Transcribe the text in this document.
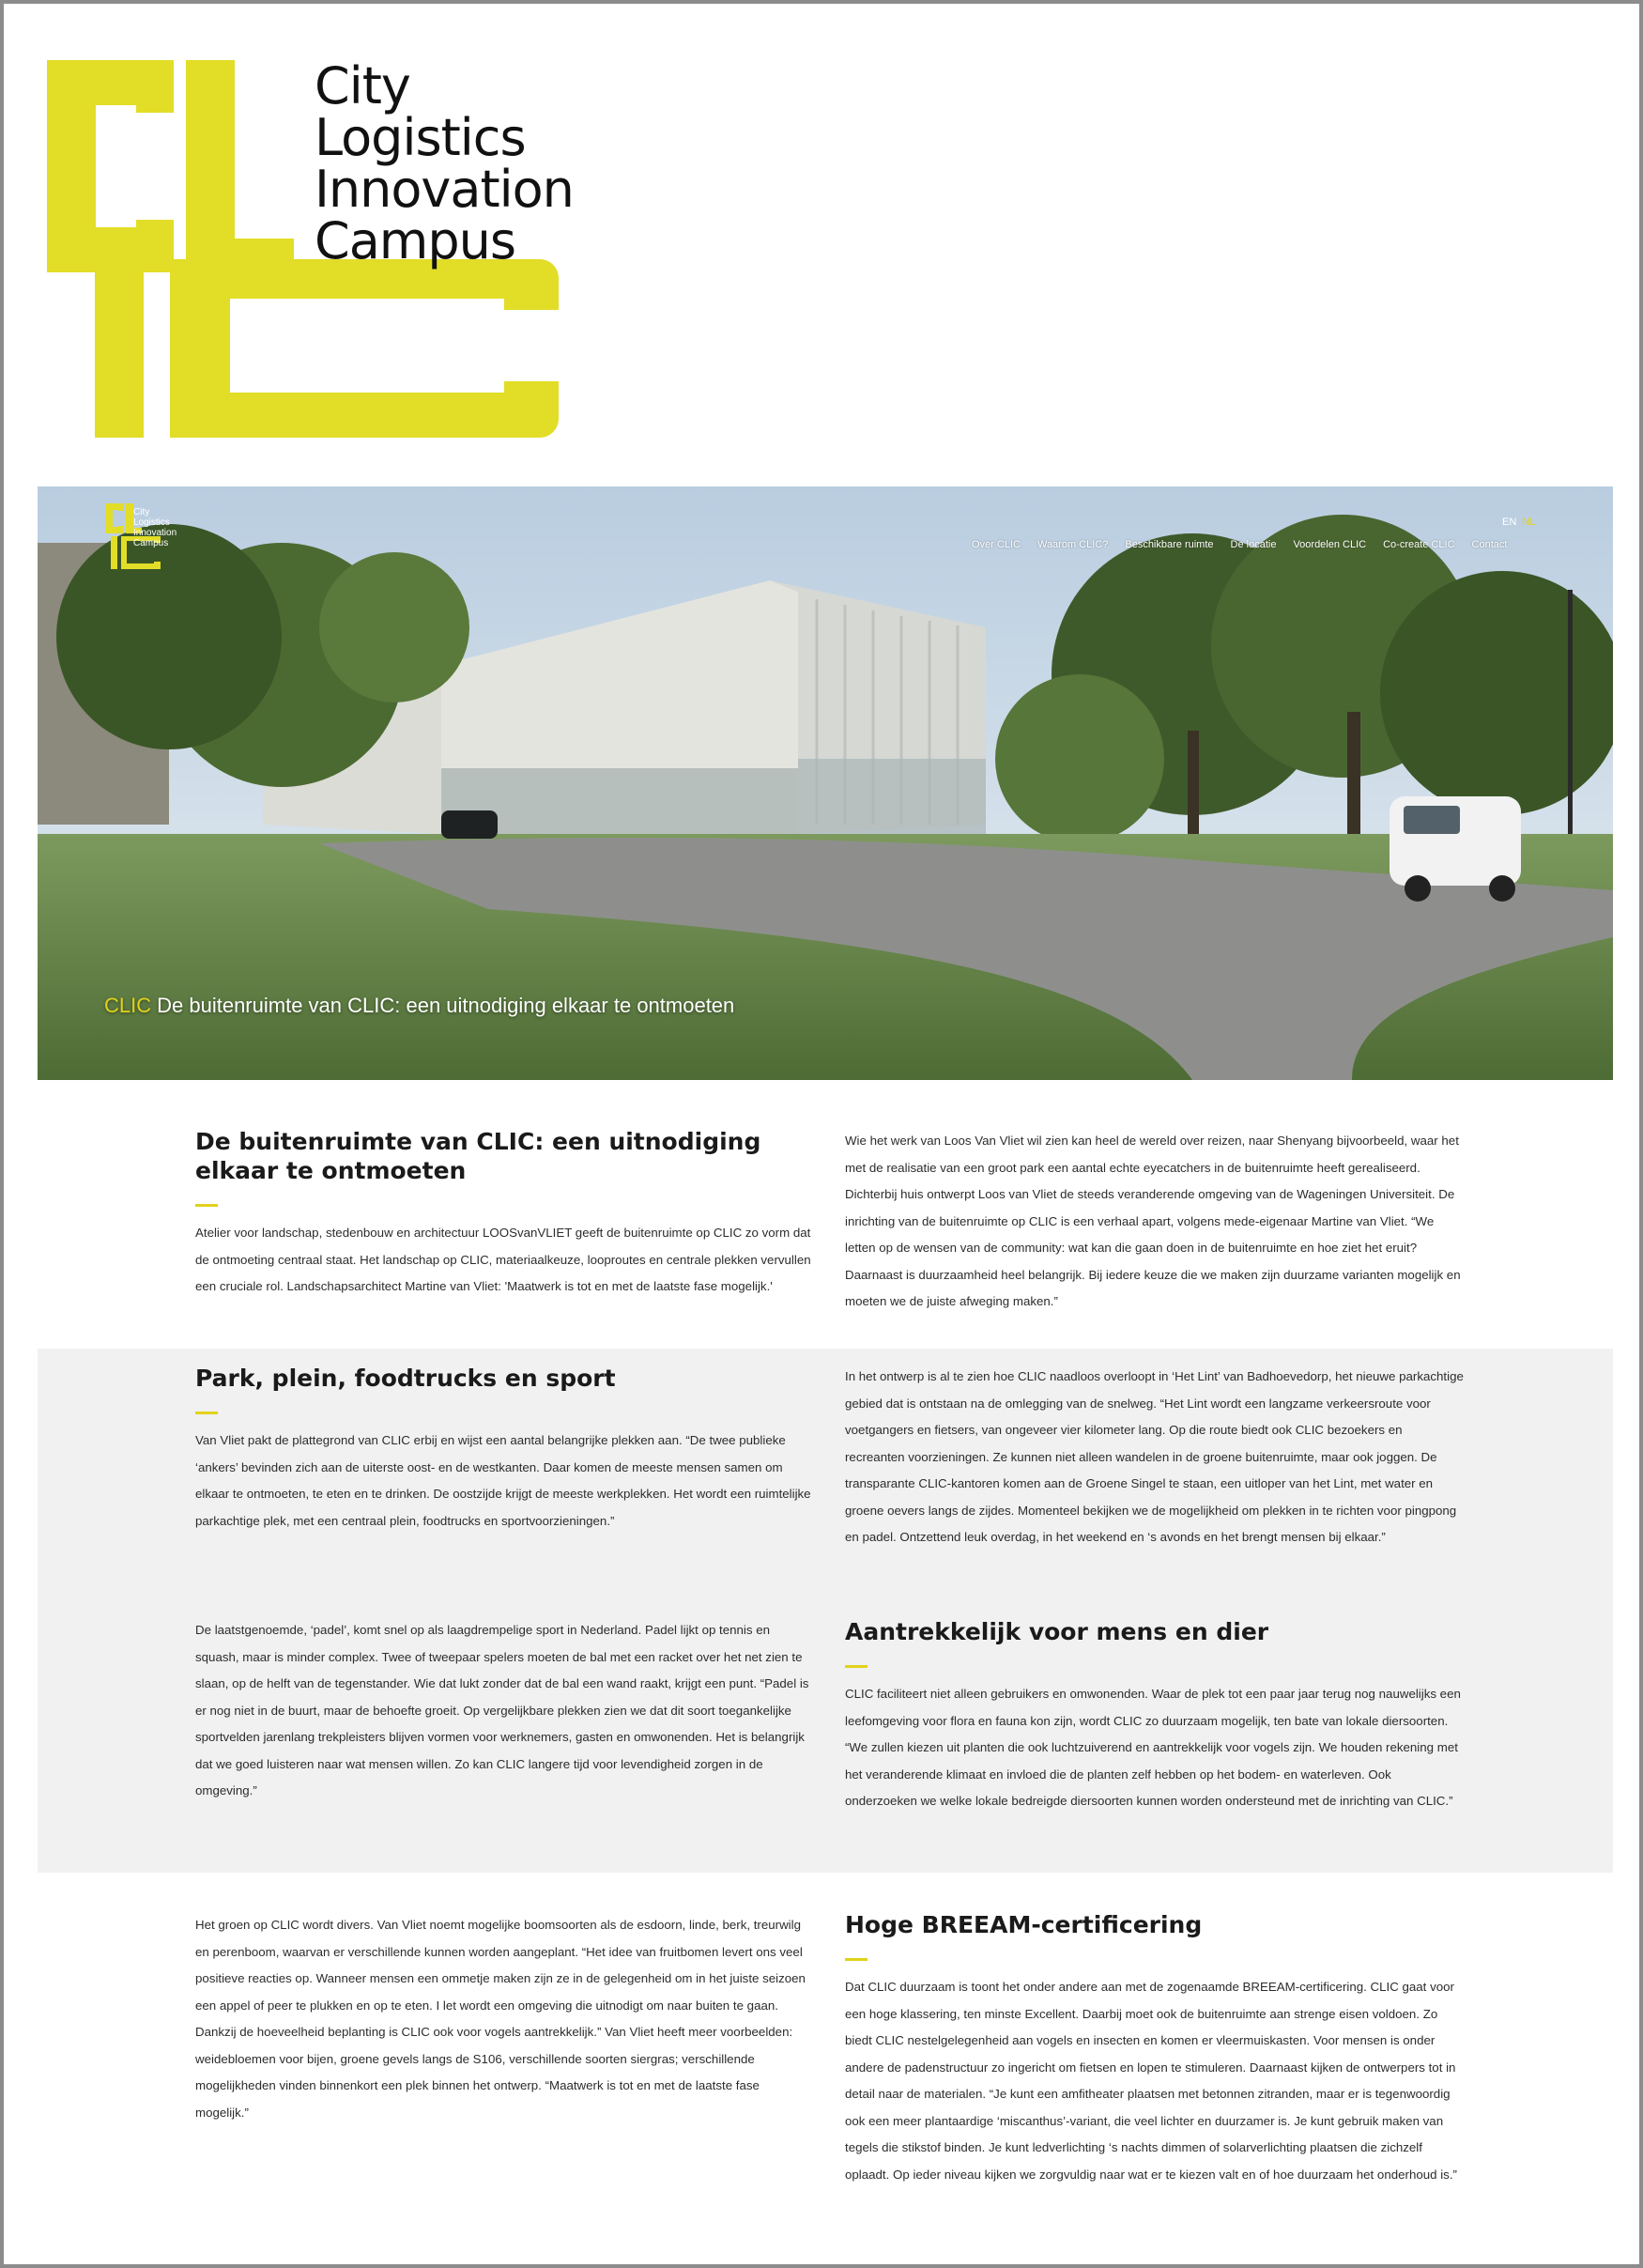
City
Logistics
Innovation
Campus
City
Logistics
Innovation
Campus
EN NL
Over CLIC Waarom CLIC? Beschikbare ruimte De locatie Voordelen CLIC Co-create CLIC Contact
CLIC De buitenruimte van CLIC: een uitnodiging elkaar te ontmoeten
De buitenruimte van CLIC: een uitnodiging elkaar te ontmoeten

Atelier voor landschap, stedenbouw en architectuur LOOSvanVLIET geeft de buitenruimte op CLIC zo vorm dat de ontmoeting centraal staat. Het landschap op CLIC, materiaalkeuze, looproutes en centrale plekken vervullen een cruciale rol. Landschapsarchitect Martine van Vliet: 'Maatwerk is tot en met de laatste fase mogelijk.'

Wie het werk van Loos Van Vliet wil zien kan heel de wereld over reizen, naar Shenyang bijvoorbeeld, waar het met de realisatie van een groot park een aantal echte eyecatchers in de buitenruimte heeft gerealiseerd. Dichterbij huis ontwerpt Loos van Vliet de steeds veranderende omgeving van de Wageningen Universiteit. De inrichting van de buitenruimte op CLIC is een verhaal apart, volgens mede-eigenaar Martine van Vliet. “We letten op de wensen van de community: wat kan die gaan doen in de buitenruimte en hoe ziet het eruit? Daarnaast is duurzaamheid heel belangrijk. Bij iedere keuze die we maken zijn duurzame varianten mogelijk en moeten we de juiste afweging maken.”

Park, plein, foodtrucks en sport

Van Vliet pakt de plattegrond van CLIC erbij en wijst een aantal belangrijke plekken aan. “De twee publieke ‘ankers’ bevinden zich aan de uiterste oost- en de westkanten. Daar komen de meeste mensen samen om elkaar te ontmoeten, te eten en te drinken. De oostzijde krijgt de meeste werkplekken. Het wordt een ruimtelijke parkachtige plek, met een centraal plein, foodtrucks en sportvoorzieningen.”

In het ontwerp is al te zien hoe CLIC naadloos overloopt in ‘Het Lint’ van Badhoevedorp, het nieuwe parkachtige gebied dat is ontstaan na de omlegging van de snelweg. “Het Lint wordt een langzame verkeersroute voor voetgangers en fietsers, van ongeveer vier kilometer lang. Op die route biedt ook CLIC bezoekers en recreanten voorzieningen. Ze kunnen niet alleen wandelen in de groene buitenruimte, maar ook joggen. De transparante CLIC-kantoren komen aan de Groene Singel te staan, een uitloper van het Lint, met water en groene oevers langs de zijdes. Momenteel bekijken we de mogelijkheid om plekken in te richten voor pingpong en padel. Ontzettend leuk overdag, in het weekend en ‘s avonds en het brengt mensen bij elkaar.”

De laatstgenoemde, ‘padel’, komt snel op als laagdrempelige sport in Nederland. Padel lijkt op tennis en squash, maar is minder complex. Twee of tweepaar spelers moeten de bal met een racket over het net zien te slaan, op de helft van de tegenstander. Wie dat lukt zonder dat de bal een wand raakt, krijgt een punt. “Padel is er nog niet in de buurt, maar de behoefte groeit. Op vergelijkbare plekken zien we dat dit soort toegankelijke sportvelden jarenlang trekpleisters blijven vormen voor werknemers, gasten en omwonenden. Het is belangrijk dat we goed luisteren naar wat mensen willen. Zo kan CLIC langere tijd voor levendigheid zorgen in de omgeving.”

Aantrekkelijk voor mens en dier

CLIC faciliteert niet alleen gebruikers en omwonenden. Waar de plek tot een paar jaar terug nog nauwelijks een leefomgeving voor flora en fauna kon zijn, wordt CLIC zo duurzaam mogelijk, ten bate van lokale diersoorten. “We zullen kiezen uit planten die ook luchtzuiverend en aantrekkelijk voor vogels zijn. We houden rekening met het veranderende klimaat en invloed die de planten zelf hebben op het bodem- en waterleven. Ook onderzoeken we welke lokale bedreigde diersoorten kunnen worden ondersteund met de inrichting van CLIC.”

Het groen op CLIC wordt divers. Van Vliet noemt mogelijke boomsoorten als de esdoorn, linde, berk, treurwilg en perenboom, waarvan er verschillende kunnen worden aangeplant. “Het idee van fruitbomen levert ons veel positieve reacties op. Wanneer mensen een ommetje maken zijn ze in de gelegenheid om in het juiste seizoen een appel of peer te plukken en op te eten. I let wordt een omgeving die uitnodigt om naar buiten te gaan. Dankzij de hoeveelheid beplanting is CLIC ook voor vogels aantrekkelijk.” Van Vliet heeft meer voorbeelden: weidebloemen voor bijen, groene gevels langs de S106, verschillende soorten siergras; verschillende mogelijkheden vinden binnenkort een plek binnen het ontwerp. “Maatwerk is tot en met de laatste fase mogelijk.”

Hoge BREEAM-certificering

Dat CLIC duurzaam is toont het onder andere aan met de zogenaamde BREEAM-certificering. CLIC gaat voor een hoge klassering, ten minste Excellent. Daarbij moet ook de buitenruimte aan strenge eisen voldoen. Zo biedt CLIC nestelgelegenheid aan vogels en insecten en komen er vleermuiskasten. Voor mensen is onder andere de padenstructuur zo ingericht om fietsen en lopen te stimuleren. Daarnaast kijken de ontwerpers tot in detail naar de materialen. “Je kunt een amfitheater plaatsen met betonnen zitranden, maar er is tegenwoordig ook een meer plantaardige ‘miscanthus’-variant, die veel lichter en duurzamer is. Je kunt gebruik maken van tegels die stikstof binden. Je kunt ledverlichting ‘s nachts dimmen of solarverlichting plaatsen die zichzelf oplaadt. Op ieder niveau kijken we zorgvuldig naar wat er te kiezen valt en of hoe duurzaam het onderhoud is.”
